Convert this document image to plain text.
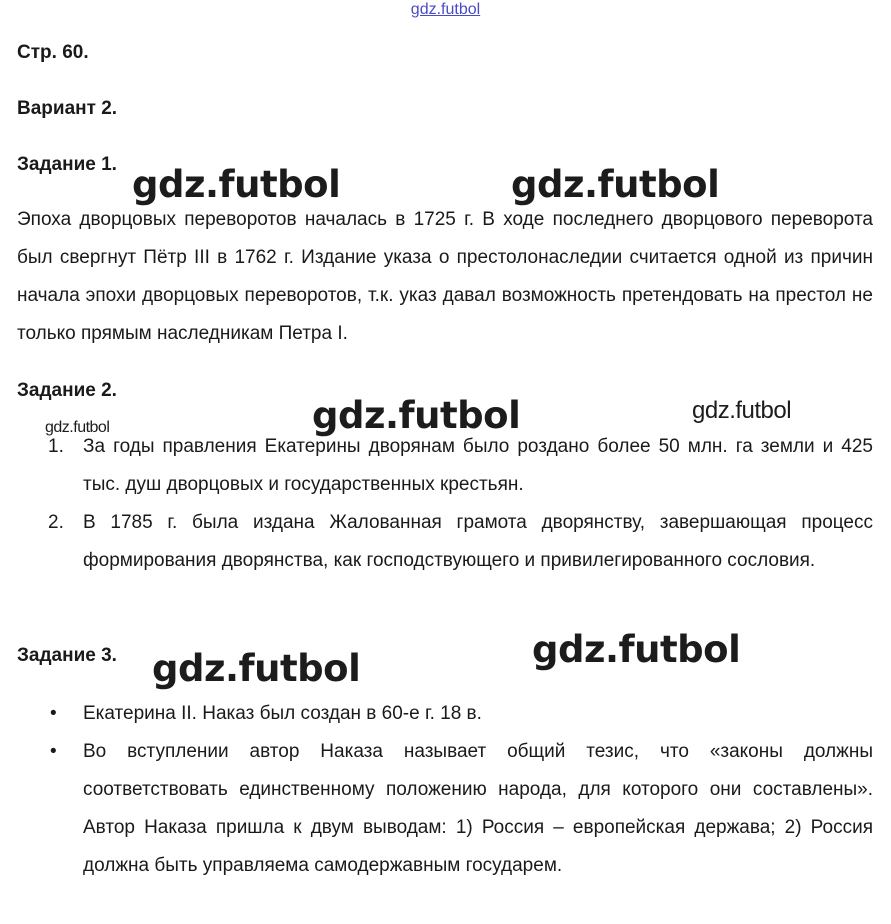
gdz.futbol
Стр. 60.
Вариант 2.
Задание 1. gdz.futbol	gdz.futbol
Эпоха дворцовых переворотов началась в 1725 г. В ходе последнего дворцового переворота был свергнут Пётр III в 1762 г. Издание указа о престолонаследии считается одной из причин начала эпохи дворцовых переворотов, т.к. указ давал возможность претендовать на престол не только прямым наследникам Петра I.
Задание 2.
gdz.futbol	gdz.futbol	gdz.futbol
1. За годы правления Екатерины дворянам было роздано более 50 млн. га земли и 425 тыс. душ дворцовых и государственных крестьян.
2. В 1785 г. была издана Жалованная грамота дворянству, завершающая процесс формирования дворянства, как господствующего и привилегированного сословия.
Задание 3. gdz.futbol	gdz.futbol
• Екатерина II. Наказ был создан в 60-е г. 18 в.
• Во вступлении автор Наказа называет общий тезис, что «законы должны соответствовать единственному положению народа, для которого они составлены». Автор Наказа пришла к двум выводам: 1) Россия – европейская держава; 2) Россия должна быть управляема самодержавным государем.
